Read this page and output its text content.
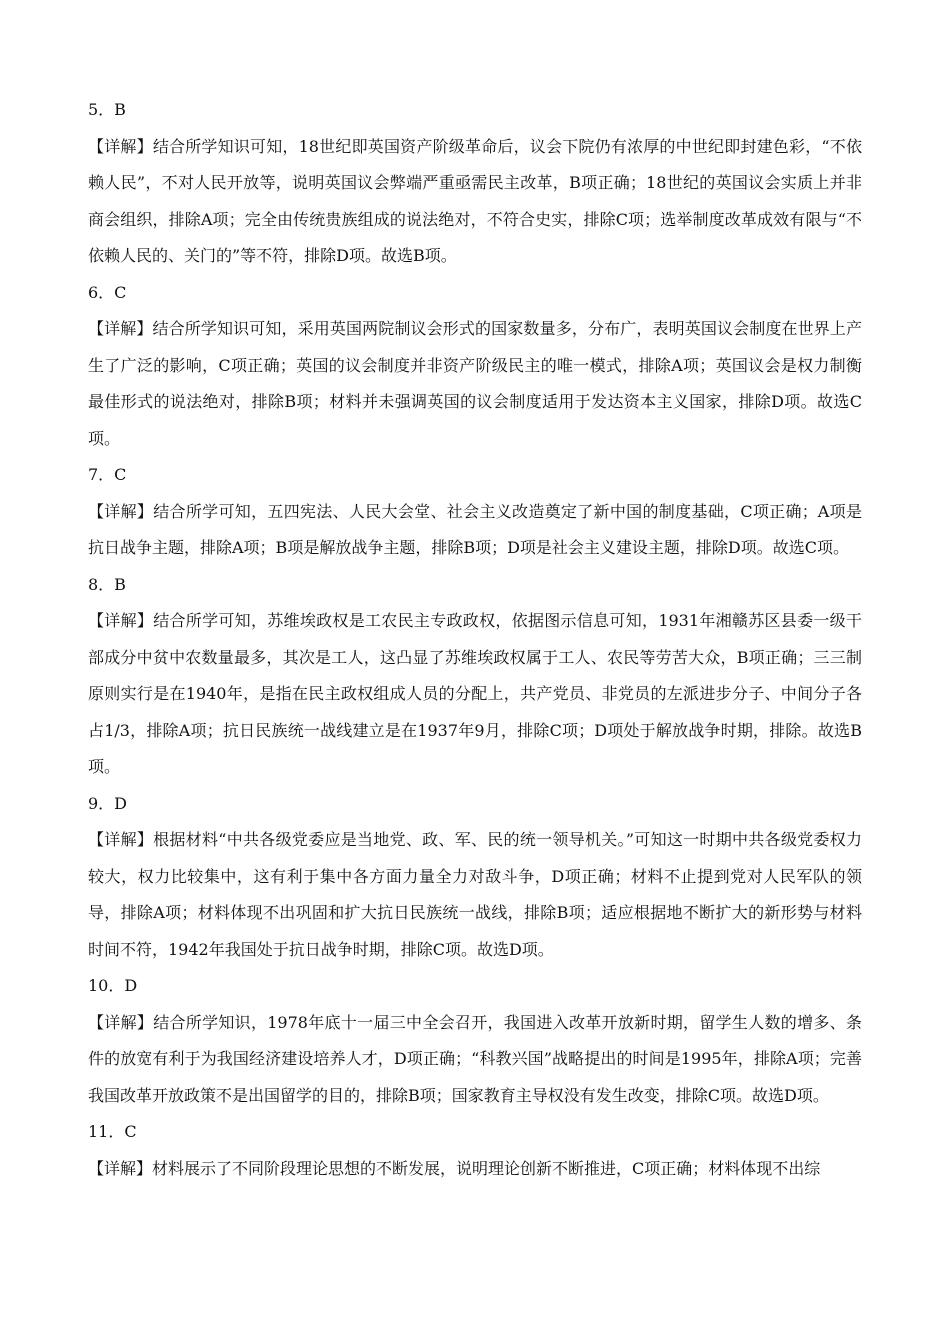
5．B

【详解】结合所学知识可知，18世纪即英国资产阶级革命后，议会下院仍有浓厚的中世纪即封建色彩，“不依赖人民”，不对人民开放等，说明英国议会弊端严重亟需民主改革，B项正确；18世纪的英国议会实质上并非商会组织，排除A项；完全由传统贵族组成的说法绝对，不符合史实，排除C项；选举制度改革成效有限与“不依赖人民的、关门的”等不符，排除D项。故选B项。

6．C

【详解】结合所学知识可知，采用英国两院制议会形式的国家数量多，分布广，表明英国议会制度在世界上产生了广泛的影响，C项正确；英国的议会制度并非资产阶级民主的唯一模式，排除A项；英国议会是权力制衡最佳形式的说法绝对，排除B项；材料并未强调英国的议会制度适用于发达资本主义国家，排除D项。故选C项。

7．C

【详解】结合所学可知，五四宪法、人民大会堂、社会主义改造奠定了新中国的制度基础，C项正确；A项是抗日战争主题，排除A项；B项是解放战争主题，排除B项；D项是社会主义建设主题，排除D项。故选C项。

8．B

【详解】结合所学可知，苏维埃政权是工农民主专政政权，依据图示信息可知，1931年湘赣苏区县委一级干部成分中贫中农数量最多，其次是工人，这凸显了苏维埃政权属于工人、农民等劳苦大众，B项正确；三三制原则实行是在1940年，是指在民主政权组成人员的分配上，共产党员、非党员的左派进步分子、中间分子各占1/3，排除A项；抗日民族统一战线建立是在1937年9月，排除C项；D项处于解放战争时期，排除。故选B项。

9．D

【详解】根据材料“中共各级党委应是当地党、政、军、民的统一领导机关。”可知这一时期中共各级党委权力较大，权力比较集中，这有利于集中各方面力量全力对敌斗争，D项正确；材料不止提到党对人民军队的领导，排除A项；材料体现不出巩固和扩大抗日民族统一战线，排除B项；适应根据地不断扩大的新形势与材料时间不符，1942年我国处于抗日战争时期，排除C项。故选D项。

10．D

【详解】结合所学知识，1978年底十一届三中全会召开，我国进入改革开放新时期，留学生人数的增多、条件的放宽有利于为我国经济建设培养人才，D项正确；“科教兴国”战略提出的时间是1995年，排除A项；完善我国改革开放政策不是出国留学的目的，排除B项；国家教育主导权没有发生改变，排除C项。故选D项。

11．C

【详解】材料展示了不同阶段理论思想的不断发展，说明理论创新不断推进，C项正确；材料体现不出综
